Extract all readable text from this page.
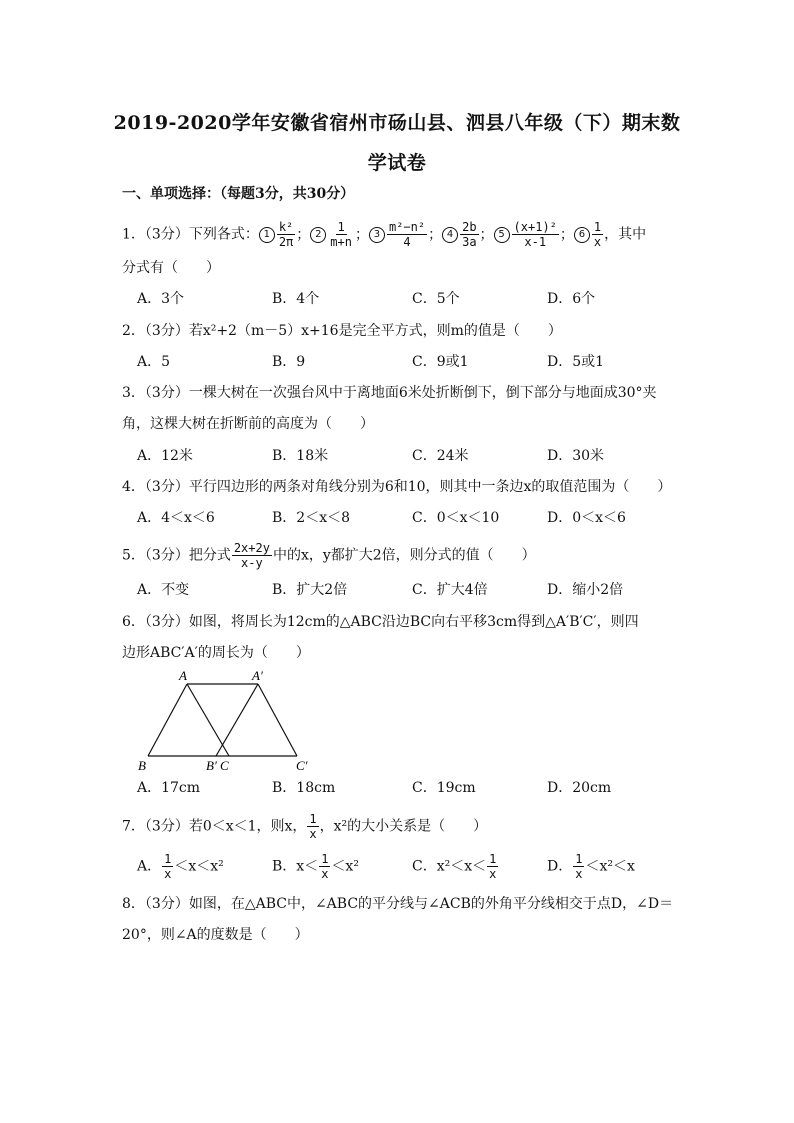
2019-2020学年安徽省宿州市砀山县、泗县八年级（下）期末数
学试卷
一、单项选择：（每题3分，共30分）
1．（3分）下列各式： $1 \frac{\text{k²}}{2\pi}$ ； $2 \frac{1}{m+n}$ ； $3 \frac{\text{m²−n²}}{4}$ ； $4 \frac{2b}{3a}$ ； $5 \frac{\text{(x+1)²}}{x-1}$ ； $6 \frac{1}{x}$ ，其中
分式有（　　）
A．3个	B．4个	C．5个	D．6个
2．（3分）若x²+2（m－5）x+16是完全平方式，则m的值是（　　）
A．5	B．9	C．9或1	D．5或1
3．（3分）一棵大树在一次强台风中于离地面6米处折断倒下，倒下部分与地面成30°夹
角，这棵大树在折断前的高度为（　　）
A．12米	B．18米	C．24米	D．30米
4．（3分）平行四边形的两条对角线分别为6和10，则其中一条边x的取值范围为（　　）
A．4＜x＜6	B．2＜x＜8	C．0＜x＜10	D．0＜x＜6
5．（3分）把分式 $\frac{2x+2y}{x-y}$ 中的x，y都扩大2倍，则分式的值（　　）
A．不变	B．扩大2倍	C．扩大4倍	D．缩小2倍
6．（3分）如图，将周长为12cm的△ABC沿边BC向右平移3cm得到△A′B′C′，则四
边形ABC′A′的周长为（　　）
A	A′
B	B′ C	C′
A．17cm	B．18cm	C．19cm	D．20cm
7．（3分）若0＜x＜1，则x， $\frac{1}{x}$ ，x²的大小关系是（　　）
A． $\frac{1}{x} <x<x^2$	B．$x< \frac{1}{x} <x^2$	C．$x^2<x< \frac{1}{x}$	D． $\frac{1}{x} <x^2<x$
8．（3分）如图，在△ABC中，∠ABC的平分线与∠ACB的外角平分线相交于点D，∠D＝
20°，则∠A的度数是（　　）
